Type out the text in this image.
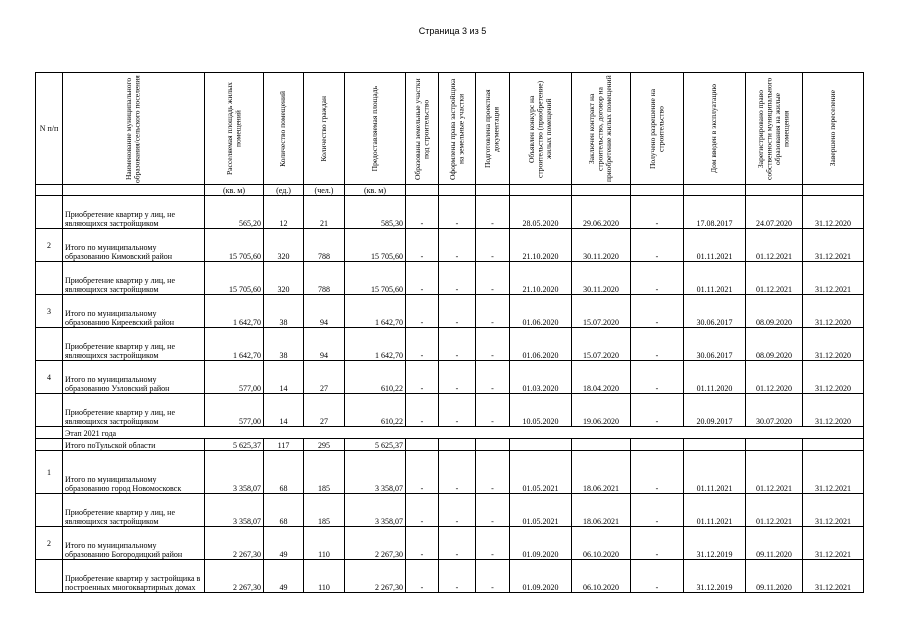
Страница 3 из 5
N п/п	Наименование муниципального образования/сельского поселения	Расселяемая площадь жилых помещений	Количество помещений	Количество граждан	Предоставляемая площадь	Образованы земельные участки под строительство	Оформлены права застройщика на земельные участки	Подготовлена проектная документация	Объявлен конкурс на строительство (приобретение) жилых помещений	Заключен контракт на строительство, договор на приобретение жилых помещений	Получено разрешение на строительство	Дом введен в эксплуатацию	Зарегистрировано право собственности муниципального образования на жилые помещения	Завершено переселение

		(кв. м)	(ед.)	(чел.)	(кв. м)									
	Приобретение квартир у лиц, не являющихся застройщиком	565,20	12	21	585,30	-	-	-	28.05.2020	29.06.2020	-	17.08.2017	24.07.2020	31.12.2020
2	Итого по муниципальному образованию Кимовский район	15 705,60	320	788	15 705,60	-	-	-	21.10.2020	30.11.2020	-	01.11.2021	01.12.2021	31.12.2021
	Приобретение квартир у лиц, не являющихся застройщиком	15 705,60	320	788	15 705,60	-	-	-	21.10.2020	30.11.2020	-	01.11.2021	01.12.2021	31.12.2021
3	Итого по муниципальному образованию Киреевский район	1 642,70	38	94	1 642,70	-	-	-	01.06.2020	15.07.2020	-	30.06.2017	08.09.2020	31.12.2020
	Приобретение квартир у лиц, не являющихся застройщиком	1 642,70	38	94	1 642,70	-	-	-	01.06.2020	15.07.2020	-	30.06.2017	08.09.2020	31.12.2020
4	Итого по муниципальному образованию Узловский район	577,00	14	27	610,22	-	-	-	01.03.2020	18.04.2020	-	01.11.2020	01.12.2020	31.12.2020
	Приобретение квартир у лиц, не являющихся застройщиком	577,00	14	27	610,22	-	-	-	10.05.2020	19.06.2020	-	20.09.2017	30.07.2020	31.12.2020
	Этап 2021 года													
	Итого поТульской области	5 625,37	117	295	5 625,37									
1	Итого по муниципальному образованию город Новомосковск	3 358,07	68	185	3 358,07	-	-	-	01.05.2021	18.06.2021	-	01.11.2021	01.12.2021	31.12.2021
	Приобретение квартир у лиц, не являющихся застройщиком	3 358,07	68	185	3 358,07	-	-	-	01.05.2021	18.06.2021	-	01.11.2021	01.12.2021	31.12.2021
2	Итого по муниципальному образованию Богородицкий район	2 267,30	49	110	2 267,30	-	-	-	01.09.2020	06.10.2020	-	31.12.2019	09.11.2020	31.12.2021
	Приобретение квартир у застройщика в построенных многоквартирных домах	2 267,30	49	110	2 267,30	-	-	-	01.09.2020	06.10.2020	-	31.12.2019	09.11.2020	31.12.2021
